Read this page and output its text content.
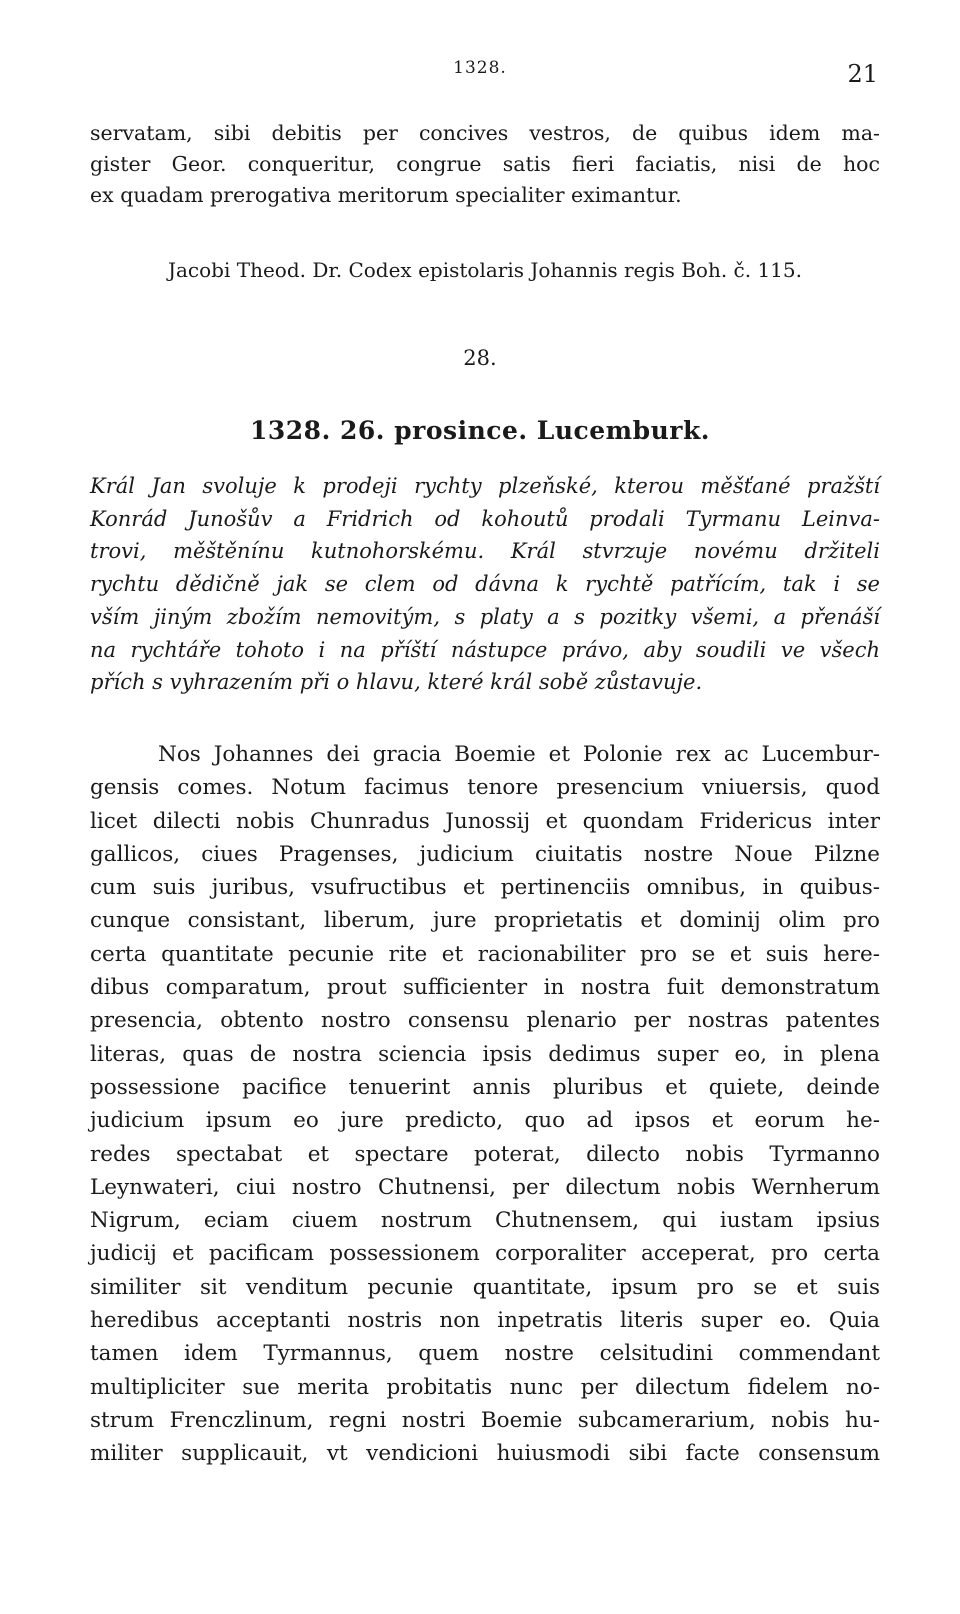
1328.	21
servatam, sibi debitis per concives vestros, de quibus idem ma-
gister Geor. conqueritur, congrue satis fieri faciatis, nisi de hoc
ex quadam prerogativa meritorum specialiter eximantur.
Jacobi Theod. Dr. Codex epistolaris Johannis regis Boh. č. 115.
28.
1328. 26. prosince. Lucemburk.
Král Jan svoluje k prodeji rychty plzeňské, kterou měšťané pražští
Konrád Junošův a Fridrich od kohoutů prodali Tyrmanu Leinva-
trovi, měštěnínu kutnohorskému. Král stvrzuje novému držiteli
rychtu dědičně jak se clem od dávna k rychtě patřícím, tak i se
vším jiným zbožím nemovitým, s platy a s pozitky všemi, a přenáší
na rychtáře tohoto i na příští nástupce právo, aby soudili ve všech
přích s vyhrazením při o hlavu, které král sobě zůstavuje.
Nos Johannes dei gracia Boemie et Polonie rex ac Lucembur-
gensis comes. Notum facimus tenore presencium vniuersis, quod
licet dilecti nobis Chunradus Junossij et quondam Fridericus inter
gallicos, ciues Pragenses, judicium ciuitatis nostre Noue Pilzne
cum suis juribus, vsufructibus et pertinenciis omnibus, in quibus-
cunque consistant, liberum, jure proprietatis et dominij olim pro
certa quantitate pecunie rite et racionabiliter pro se et suis here-
dibus comparatum, prout sufficienter in nostra fuit demonstratum
presencia, obtento nostro consensu plenario per nostras patentes
literas, quas de nostra sciencia ipsis dedimus super eo, in plena
possessione pacifice tenuerint annis pluribus et quiete, deinde
judicium ipsum eo jure predicto, quo ad ipsos et eorum he-
redes spectabat et spectare poterat, dilecto nobis Tyrmanno
Leynwateri, ciui nostro Chutnensi, per dilectum nobis Wernherum
Nigrum, eciam ciuem nostrum Chutnensem, qui iustam ipsius
judicij et pacificam possessionem corporaliter acceperat, pro certa
similiter sit venditum pecunie quantitate, ipsum pro se et suis
heredibus acceptanti nostris non inpetratis literis super eo. Quia
tamen idem Tyrmannus, quem nostre celsitudini commendant
multipliciter sue merita probitatis nunc per dilectum fidelem no-
strum Frenczlinum, regni nostri Boemie subcamerarium, nobis hu-
militer supplicauit, vt vendicioni huiusmodi sibi facte consensum
